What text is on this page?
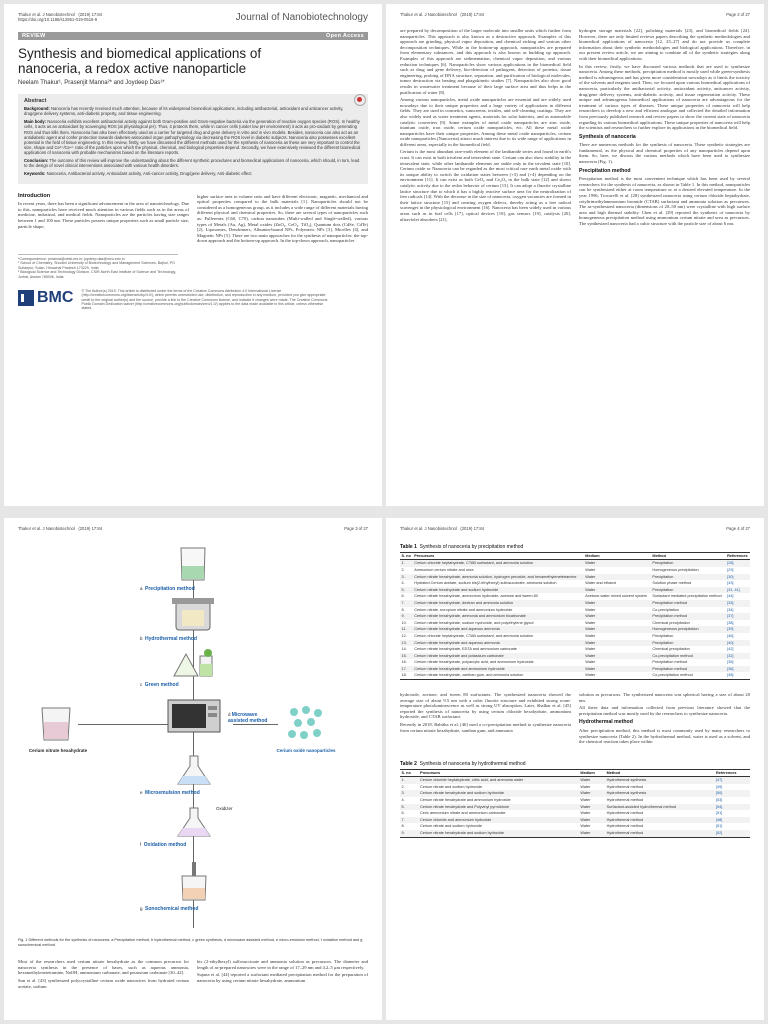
Thakur et al. J Nanobiotechnol (2019) 17:84
https://doi.org/10.1186/s12951-019-0516-9	Journal of Nanobiotechnology
REVIEW	Open Access
Synthesis and biomedical applications of nanoceria, a redox active nanoparticle
Neelam Thakur¹, Prasenjit Manna²* and Joydeep Das¹*
Abstract

Background: Nanoceria has recently received much attention, because of its widespread biomedical applications, including antibacterial, antioxidant and anticancer activity, drug/gene delivery systems, anti-diabetic property, and tissue engineering.

Main body: Nanoceria exhibits excellent antibacterial activity against both Gram-positive and Gram-negative bacteria via the generation of reactive oxygen species (ROS). In healthy cells, it acts as an antioxidant by scavenging ROS (at physiological pH). Thus, it protects them, while in cancer cells (under low pH environment) it acts as pro-oxidant by generating ROS and thus kills them. Nanoceria has also been effectively used as a carrier for targeted drug and gene delivery in vitro and in vivo models. Besides, nanoceria can also act as an antidiabetic agent and confer protection towards diabetes-associated organ pathophysiology via decreasing the ROS level in diabetic subjects. Nanoceria also possesses excellent potential in the field of tissue engineering. In this review, firstly, we have discussed the different methods used for the synthesis of nanoceria as these are very important to control the size, shape and Ce³⁺/Ce⁴⁺ ratio of the particles upon which the physical, chemical, and biological properties depend. Secondly, we have extensively reviewed the different biomedical applications of nanoceria with probable mechanisms based on the literature reports.

Conclusion: The outcome of this review will improve the understanding about the different synthetic procedures and biomedical applications of nanoceria, which should, in turn, lead to the design of novel clinical interventions associated with various health disorders.

Keywords: Nanoceria, Antibacterial activity, Antioxidant activity, Anti-cancer activity, Drug/gene delivery, Anti-diabetic effect

Introduction

In recent years, there has been a significant advancement in the area of nanotechnology. Due to this, nanoparticles have received much attention in various fields such as in the areas of medicine, industrial, and medical fields. Nanoparticles are the particles having size ranges between 1 and 100 nm. These particles possess unique properties such as small particle size, particle shape,

higher surface area to volume ratio and have different electronic, magnetic, mechanical and optical properties compared to the bulk materials [1]. Nanoparticles should not be considered as a homogeneous group, as it includes a wide range of different materials having different physical and chemical properties. So, there are several types of nanoparticles such as: Fullerenes (C60, C70), carbon nanotubes (Multi-walled and Single-walled), various types of Metals (Au, Ag), Metal oxides (ZnO₂, CeO₂, TiO₂), Quantum dots (CdSe, CdTe) [2], Liposomes, Dendrimers, Albumin-bound NPs, Polymeric NPs [3], Micelles [4], and Magnetic NPs [5]. There are two main approaches for the synthesis of nanoparticles: the top-down approach and the bottom-up approach. In the top-down approach, nanoparticles

*Correspondence: pmanna@neist.res.in; joydeep.das@mzu.edu.in
¹ School of Chemistry, Shoolini University of Biotechnology and Management Sciences, Bajhol, PO Sultanpur, Solan, Himachal Pradesh 173229, India
² Biological Science and Technology Division, CSIR-North East Institute of Science and Technology, Jorhat, Assam 785006, India
BMC © The Author(s) 2019. This article is distributed under the terms of the Creative Commons Attribution 4.0 International License (http://creativecommons.org/licenses/by/4.0/), which permits unrestricted use, distribution, and reproduction in any medium, provided you give appropriate credit to the original author(s) and the source, provide a link to the Creative Commons license, and indicate if changes were made. The Creative Commons Public Domain Dedication waiver (http://creativecommons.org/publicdomain/zero/1.0/) applies to the data made available in this article, unless otherwise stated.
Thakur et al. J Nanobiotechnol (2019) 17:84	Page 2 of 27

are prepared by decomposition of the larger molecule into smaller units which further form nanoparticles. This approach is also known as a destructive approach. Examples of this approach are grinding, physical vapor deposition, and chemical etching and various other decomposition techniques. While in the bottom-up approach, nanoparticles are prepared from elementary substances, and this approach is also known as building up approach. Examples of this approach are sedimentation, chemical vapor deposition, and various reduction techniques [6]. Nanoparticles show various applications in the biomedical field such as drug and gene delivery, bio-detection of pathogens, detection of proteins, tissue engineering, probing of DNA structure, separation, and purification of biological molecules, tumor destruction via heating and phagokinetic studies [7]. Nanoparticles also show good results in wastewater treatment because of their large surface area and thus helps in the purification of water [8].

Among various nanoparticles, metal oxide nanoparticles are essential and are widely used nowadays due to their unique properties and a large variety of applications in different fields. They are used in cosmetics, sunscreens, textiles, and self-cleaning coatings. They are also widely used as water treatment agents, materials for solar batteries, and as automobile catalytic converters [9]. Some examples of metal oxide nanoparticles are zinc oxide, titanium oxide, iron oxide, cerium oxide nanoparticles, etc. All these metal oxide nanoparticles have their unique properties. Among these metal oxide nanoparticles, cerium oxide nanoparticles (Nanoceria) attract much interest due to its wide range of applications in different areas, especially in the biomedical field.

Cerium is the most abundant rare-earth element of the lanthanide series and found in earth's crust. It can exist in both trivalent and tetravalent state. Cerium can also show stability in the tetravalent state, while other lanthanide elements are stable only in the trivalent state [10]. Cerium oxide or Nanoceria can be regarded as the most critical rare earth metal oxide with its unique ability to switch the oxidation states between (+3) and (+4) depending on the environment [11]. It can exist as both CeO₂ and Ce₂O₃ in the bulk state [12] and shows catalytic activity due to the redox behavior of cerium [13]. It can adopt a fluorite crystalline lattice structure due to which it has a highly reactive surface area for the neutralization of free radicals [14]. With the decrease in the size of nanoceria, oxygen vacancies are formed in their lattice structure [15] and creating oxygen defects, thereby acting as a free radical scavenger in the physiological environment [16]. Nanoceria has been widely used in various areas such as in fuel cells [17], optical devices [18], gas sensors [19], catalysis [20], ultraviolet absorbers [21],

hydrogen storage materials [22], polishing materials [23], and biomedical fields [24]. However, there are only limited reviews papers describing the synthetic methodologies and biomedical applications of nanoceria [12, 25–27] and do not provide us complete information about their synthetic methodologies and biological applications. Therefore, in our present review article, we are aiming to combine all of the synthetic strategies along with their biomedical applications.

In this review, firstly, we have discussed various methods that are used to synthesize nanoceria. Among these methods, precipitation method is mostly used while green-synthesis method is advantageous and has given more consideration nowadays as it limits the toxicity of the solvents and reagents used. Then, we focused upon various biomedical applications of nanoceria, particularly the antibacterial activity, antioxidant activity, anticancer activity, drug/gene delivery systems, anti-diabetic activity, and tissue regeneration activity. These unique and advantageous biomedical applications of nanoceria are advantageous for the treatment of various types of diseases. These unique properties of nanoceria will help researchers to develop a new and efficient analogue and collected the detailed information from previously published research and review papers to show the current state of nanoceria regarding its various biomedical applications. These unique properties of nanoceria will help the scientists and researchers to further explore its applications in the biomedical field.

Synthesis of nanoceria

There are numerous methods for the synthesis of nanoceria. These synthetic strategies are fundamental, as the physical and chemical properties of any nanoparticles depend upon them. So, here, we discuss the various methods which have been used to synthesize nanoceria (Fig. 1).

Precipitation method

Precipitation method is the most convenient technique which has been used by several researchers for the synthesis of nanoceria, as shown in Table 1. In this method, nanoparticles can be synthesized either at room temperature or at a desired elevated temperature. In the year 1996, Trovarelli et al. [28] synthesized nanoceria using cerium chloride heptahydrate, cetyltrimethylammonium bromide (CTAB) surfactant and ammonia solution as precursors. The as-synthesized nanoceria (dimensions of 20–50 nm) were crystalline with high surface area and high thermal stability. Chen et al. [29] reported the synthesis of nanoceria by homogeneous precipitation method using ammonium cerium nitrate and urea as precursors. The synthesized nanoceria had a cubic structure with the particle size of about 6 nm.

Thakur et al. J Nanobiotechnol (2019) 17:84	Page 3 of 27
Cerium nitrate hexahydrate
a Precipitation method
b Hydrothermal method
c Green method
d Microwave assisted method
Cerium oxide nanoparticles
e Microemulsion method
Oxidizer
f Oxidation method
g Sonochemical method
Fig. 1 Different methods for the synthesis of nanoceria. a Precipitation method, b hydrothermal method, c green synthesis, d microwave assisted method, e micro-emulsion method, f oxidation method and g sonochemical method

Most of the researchers used cerium nitrate hexahydrate as the common precursor for nanoceria synthesis in the presence of bases, such as aqueous ammonia, hexamethylenetetramine, NaOH, ammonium carbonate, and potassium carbonate [30–42].

Sun et al. [43] synthesized polycrystalline cerium oxide nanowires from hydrated cerium acetate, sodium

bis (2-ethylhexyl) sulfosuccinate and ammonia solution as precursors. The diameter and length of as-prepared nanowires were in the range of 17–29 nm and 4.2–5 μm respectively.

Sujana et al. [44] reported a surfactant mediated precipitation method for the preparation of nanoceria by using cerium nitrate hexahydrate, ammonium

Thakur et al. J Nanobiotechnol (2019) 17:84	Page 4 of 27
Table 1 Synthesis of nanoceria by precipitation method
S. no	Precursors	Medium	Method	References
1.	Cerium chloride heptahydrate, CTAB surfactant, and ammonia solution	Water	Precipitation	[28]
2.	Ammonium cerium nitrate and urea	Water	Homogeneous precipitation	[29]
3.	Cerium nitrate hexahydrate, ammonia solution, hydrogen peroxide, and hexamethylenetetramine	Water	Precipitation	[30]
4.	Hydrated Cerium acetate, sodium bis(2-ethylhexyl) sulfosuccinate, ammonia solution	Water and ethanol	Solution phase method	[43]
5.	Cerium nitrate hexahydrate and sodium hydroxide	Water	Precipitation	[31, 41]
6.	Cerium nitrate hexahydrate, ammonium hydroxide, acetone and tween 80	Acetone-water mixed solvent system	Surfactant mediated precipitation method	[44]
7.	Cerium nitrate hexahydrate, dextran and ammonia solution	Water	Precipitation method	[33]
8.	Cerium nitrate, europium nitrate and ammonium hydroxide	Water	Co-precipitation	[34]
9.	Cerium nitrate hexahydrate, ammonia and ammonium bicarbonate	Water	Precipitation method	[37]
10.	Cerium nitrate hexahydrate, sodium hydroxide, and polyethylene glycol	Water	Chemical precipitation	[38]
11.	Cerium nitrate hexahydrate and aqueous ammonia	Water	Homogeneous precipitation	[39]
12.	Cerium chloride heptahydrate, CTAB surfactant, and ammonia solution	Water	Precipitation	[46]
13.	Cerium nitrate hexahydrate and aqueous ammonia	Water	Precipitation	[40]
14.	Cerium nitrate hexahydrate, EDTA and ammonium carbonate	Water	Chemical precipitation	[42]
15.	Cerium nitrate hexahydrate and potassium carbonate	Water	Co-precipitation method	[32]
16.	Cerium nitrate hexahydrate, polyacrylic acid, and ammonium hydroxide	Water	Precipitation method	[35]
17.	Cerium nitrate hexahydrate and ammonium hydroxide	Water	Precipitation method	[36]
18.	Cerium nitrate hexahydrate, xanthan gum, and ammonia solution	Water	Co-precipitation method	[48]

hydroxide, acetone, and tween 80 surfactants. The synthesized nanoceria showed the average size of about 9.5 nm with a cubic fluorite structure and exhibited strong room-temperature photoluminescence as well as strong UV absorption. Later, Shalkar et al. [45] reported the synthesis of nanoceria by using cerium chloride hexahydrate, ammonium hydroxide, and CTAB surfactant.

Recently in 2018, Babitha et al. [46] used a co-precipitation method to synthesize nanoceria from cerium nitrate hexahydrate, xanthan gum, and ammonia

solution as precursors. The synthesized nanoceria was spherical having a size of about 20 nm.

All these data and information collected from previous literature showed that the precipitation method was mostly used by the researchers to synthesize nanoceria.

Hydrothermal method

After precipitation method, this method is most commonly used by many researchers to synthesize nanoceria (Table 2). In the hydrothermal method, water is used as a solvent, and the chemical reaction takes place within

Table 2 Synthesis of nanoceria by hydrothermal method
S. no	Precursors	Medium	Method	References
1.	Cerium chloride heptahydrate, citric acid, and ammonia water	Water	Hydrothermal synthesis	[47]
2.	Cerium nitrate and sodium hydroxide	Water	Hydrothermal method	[49]
3.	Cerium nitrate hexahydrate and sodium hydroxide	Water	Hydrothermal synthesis	[50]
4.	Cerium nitrate hexahydrate and ammonium hydroxide	Water	Hydrothermal method	[53]
5.	Cerium nitrate hexahydrate and Polyvinyl pyrrolidone	Water	Surfactant-assisted hydrothermal method	[54]
6.	Ceric ammonium nitrate and ammonium carbonate	Water	Hydrothermal method	[51]
7.	Cerium chloride and ammonium hydroxide	Water	Hydrothermal method	[48]
8.	Cerium nitrate and sodium hydroxide	Water	Hydrothermal method	[51]
9.	Cerium nitrate hexahydrate and sodium hydroxide	Water	Hydrothermal method	[52]
